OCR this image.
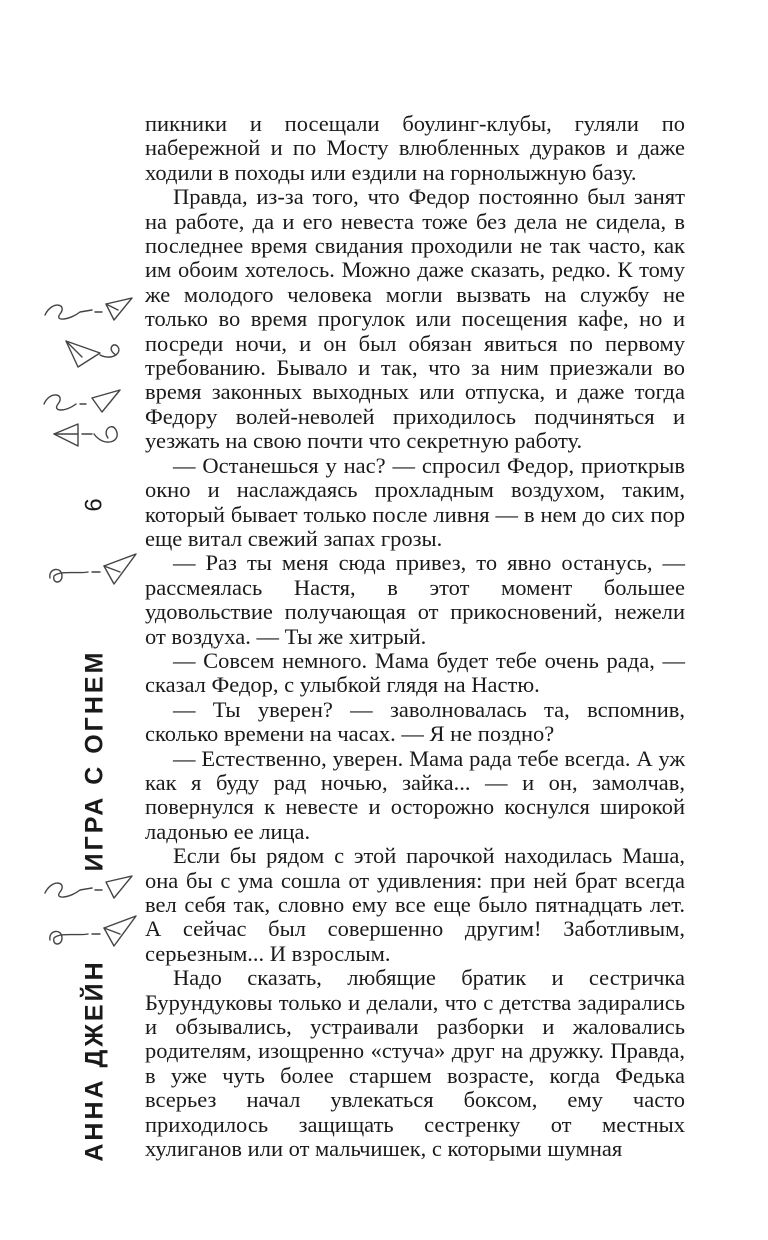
6
ИГРА С ОГНЕМ
АННА ДЖЕЙН

пикники и посещали боулинг-клубы, гуляли по набережной и по Мосту влюбленных дураков и даже ходили в походы или ездили на горнолыжную базу.

Правда, из-за того, что Федор постоянно был занят на работе, да и его невеста тоже без дела не сидела, в последнее время свидания проходили не так часто, как им обоим хотелось. Можно даже сказать, редко. К тому же молодого человека могли вызвать на службу не только во время прогулок или посещения кафе, но и посреди ночи, и он был обязан явиться по первому требованию. Бывало и так, что за ним приезжали во время законных выходных или отпуска, и даже тогда Федору волей-неволей приходилось подчиняться и уезжать на свою почти что секретную работу.

— Останешься у нас? — спросил Федор, приоткрыв окно и наслаждаясь прохладным воздухом, таким, который бывает только после ливня — в нем до сих пор еще витал свежий запах грозы.

— Раз ты меня сюда привез, то явно останусь, — рассмеялась Настя, в этот момент большее удовольствие получающая от прикосновений, нежели от воздуха. — Ты же хитрый.

— Совсем немного. Мама будет тебе очень рада, — сказал Федор, с улыбкой глядя на Настю.

— Ты уверен? — заволновалась та, вспомнив, сколько времени на часах. — Я не поздно?

— Естественно, уверен. Мама рада тебе всегда. А уж как я буду рад ночью, зайка... — и он, замолчав, повернулся к невесте и осторожно коснулся широкой ладонью ее лица.

Если бы рядом с этой парочкой находилась Маша, она бы с ума сошла от удивления: при ней брат всегда вел себя так, словно ему все еще было пятнадцать лет. А сейчас был совершенно другим! Заботливым, серьезным... И взрослым.

Надо сказать, любящие братик и сестричка Бурундуковы только и делали, что с детства задирались и обзывались, устраивали разборки и жаловались родителям, изощренно «стуча» друг на дружку. Правда, в уже чуть более старшем возрасте, когда Федька всерьез начал увлекаться боксом, ему часто приходилось защищать сестренку от местных хулиганов или от мальчишек, с которыми шумная
